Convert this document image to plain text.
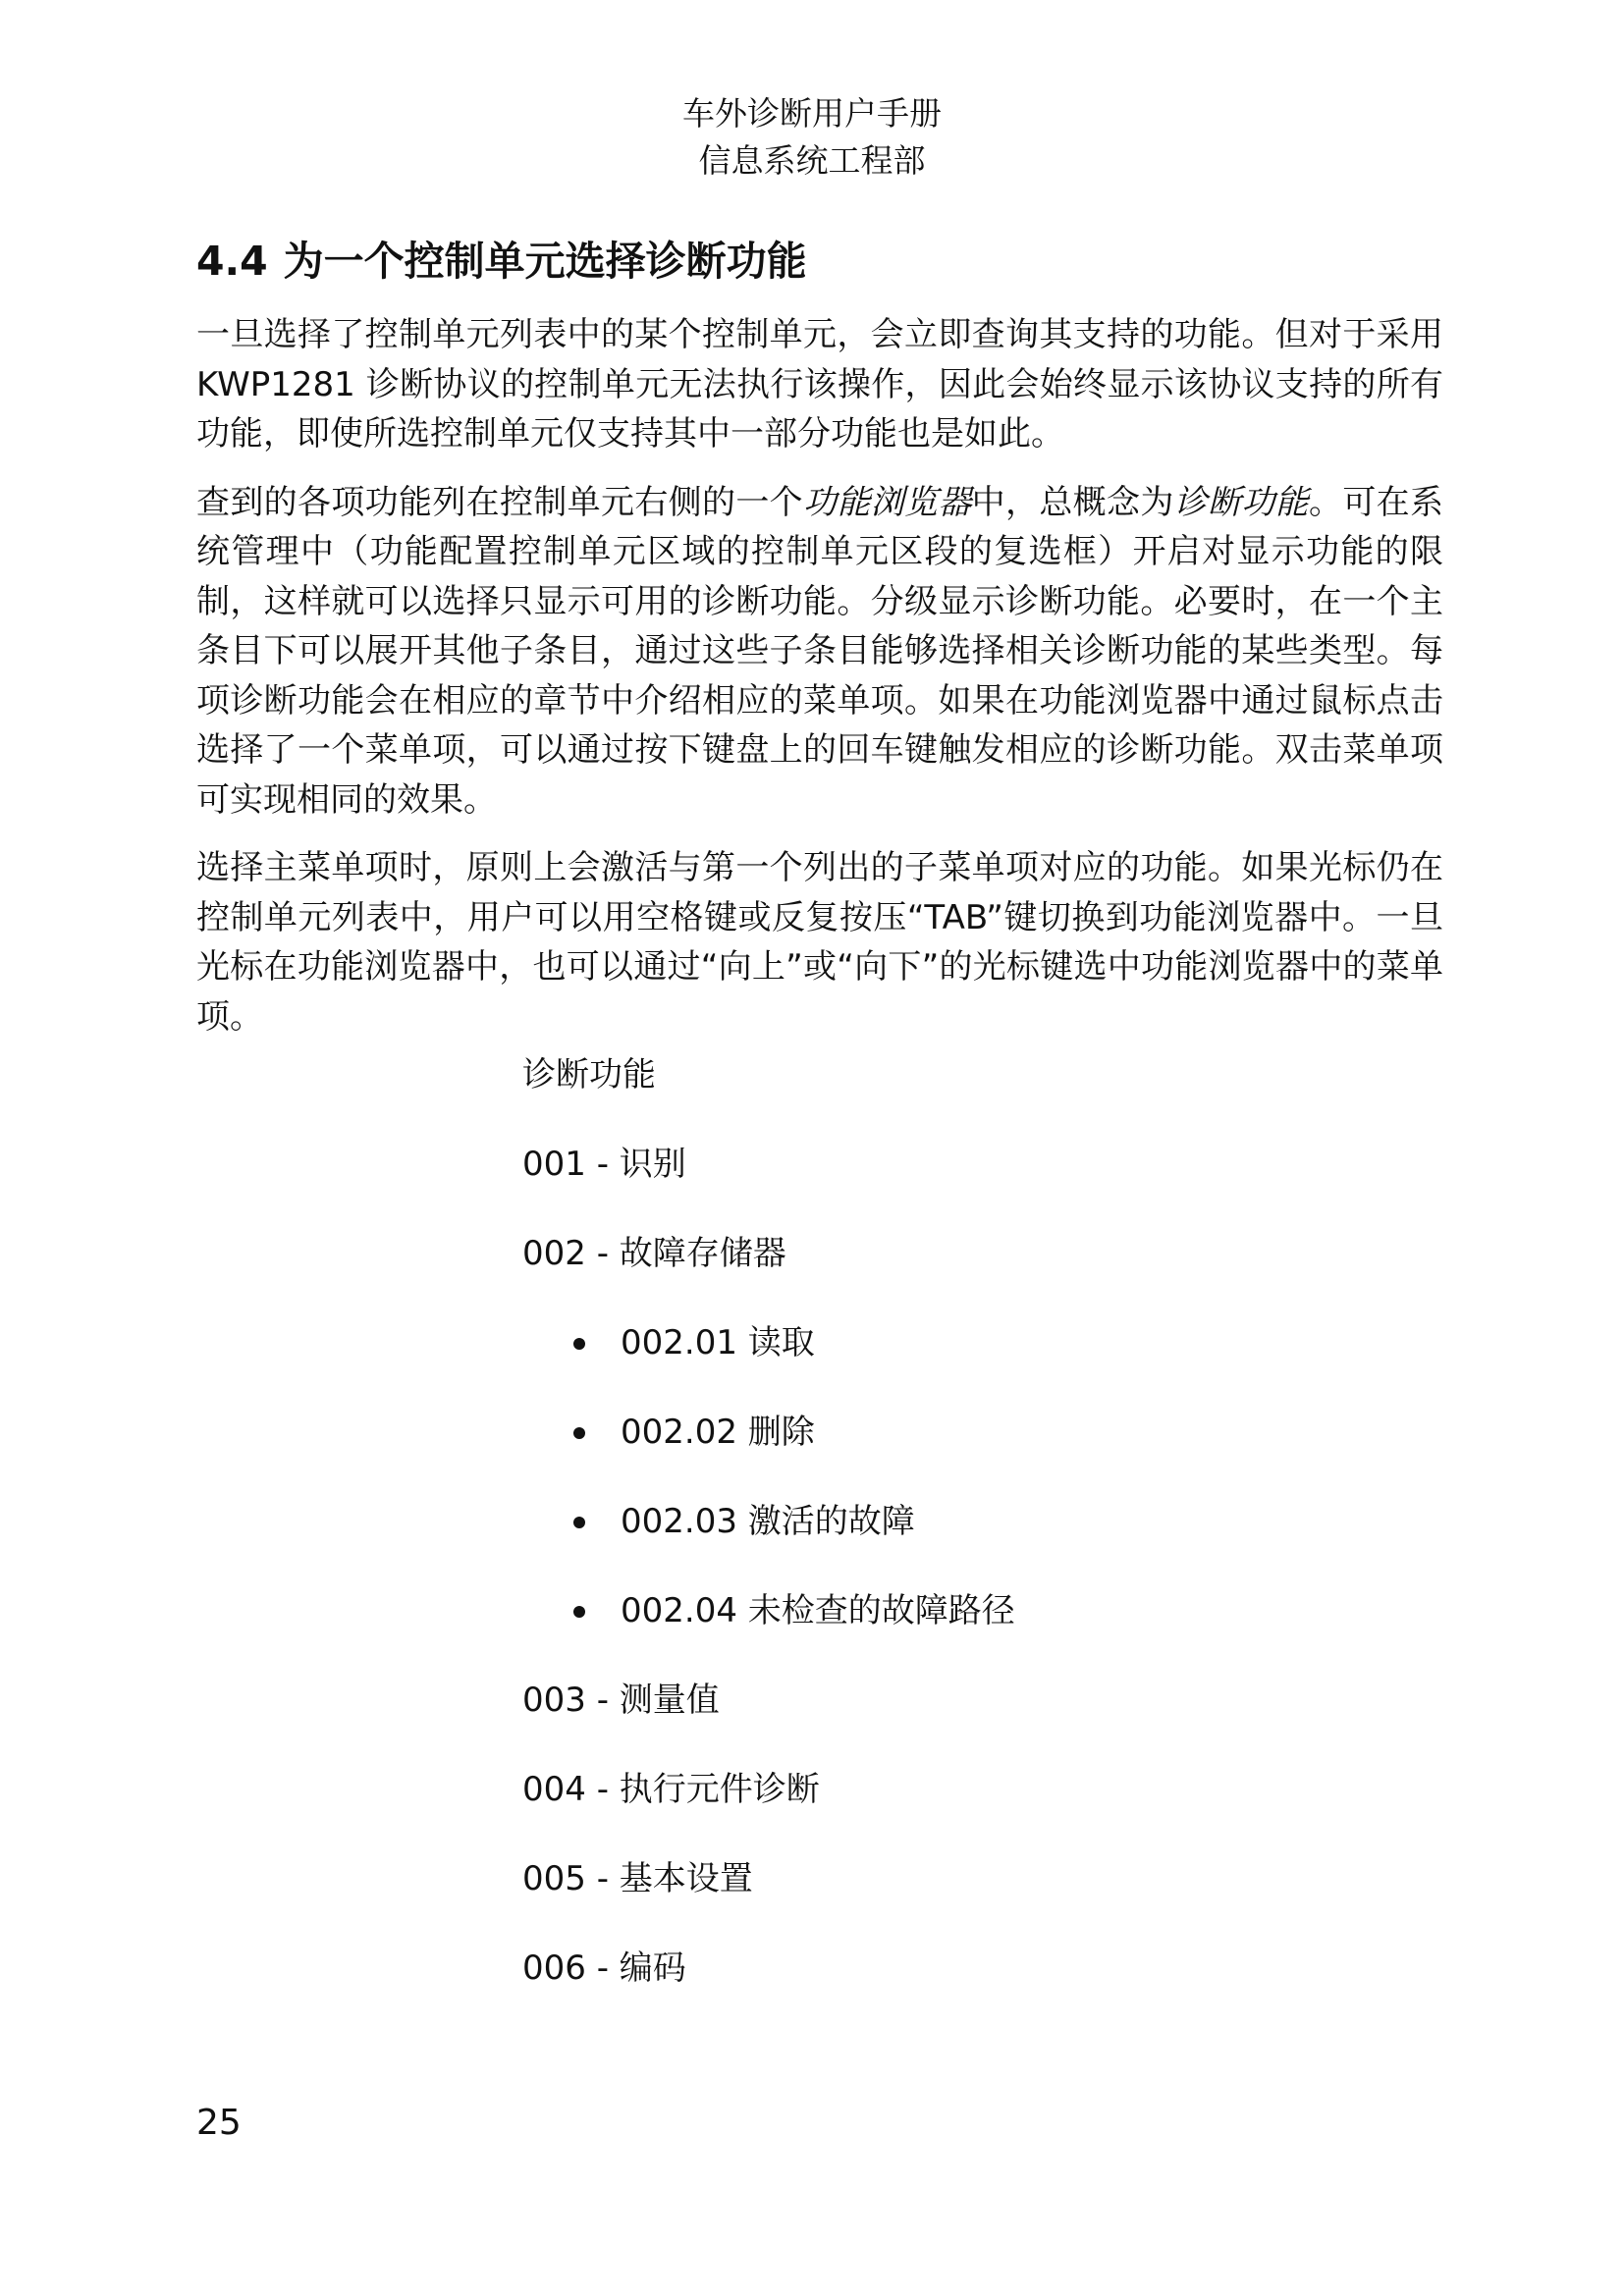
车外诊断用户手册
信息系统工程部
4.4 为一个控制单元选择诊断功能

一旦选择了控制单元列表中的某个控制单元，会立即查询其支持的功能。但对于采用 KWP1281 诊断协议的控制单元无法执行该操作，因此会始终显示该协议支持的所有功能，即使所选控制单元仅支持其中一部分功能也是如此。

查到的各项功能列在控制单元右侧的一个功能浏览器中，总概念为诊断功能。可在系统管理中（功能配置控制单元区域的控制单元区段的复选框）开启对显示功能的限制，这样就可以选择只显示可用的诊断功能。分级显示诊断功能。必要时，在一个主条目下可以展开其他子条目，通过这些子条目能够选择相关诊断功能的某些类型。每项诊断功能会在相应的章节中介绍相应的菜单项。如果在功能浏览器中通过鼠标点击选择了一个菜单项，可以通过按下键盘上的回车键触发相应的诊断功能。双击菜单项可实现相同的效果。

选择主菜单项时，原则上会激活与第一个列出的子菜单项对应的功能。如果光标仍在控制单元列表中，用户可以用空格键或反复按压“TAB”键切换到功能浏览器中。一旦光标在功能浏览器中，也可以通过“向上”或“向下”的光标键选中功能浏览器中的菜单项。

诊断功能
001 - 识别
002 - 故障存储器
002.01 读取
002.02 删除
002.03 激活的故障
002.04 未检查的故障路径
003 - 测量值
004 - 执行元件诊断
005 - 基本设置
006 - 编码
25
